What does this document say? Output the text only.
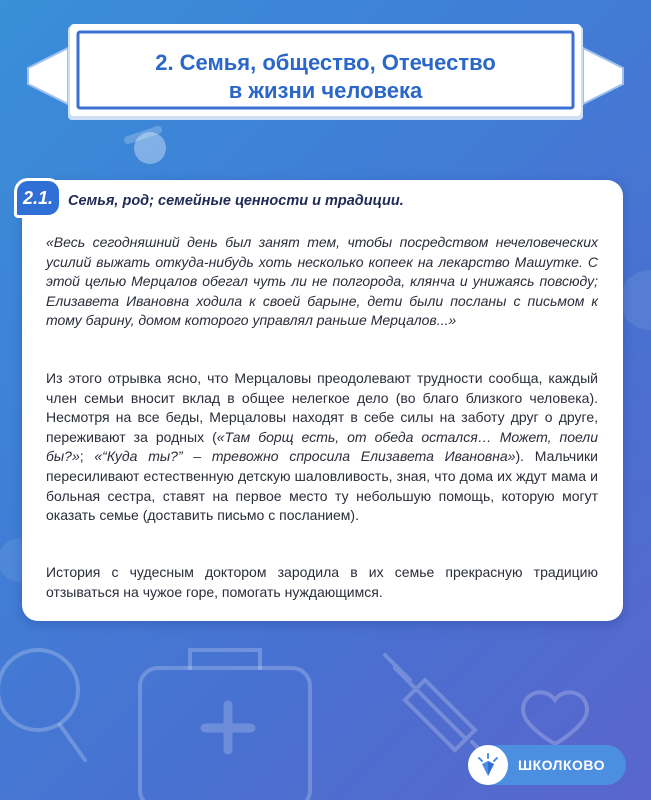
2. Семья, общество, Отечество
в жизни человека
2.1.	Семья, род; семейные ценности и традиции.
«Весь сегодняшний день был занят тем, чтобы посредством нечеловеческих усилий выжать откуда-нибудь хоть несколько копеек на лекарство Машутке. С этой целью Мерцалов обегал чуть ли не полгорода, клянча и унижаясь повсюду; Елизавета Ивановна ходила к своей барыне, дети были посланы с письмом к тому барину, домом которого управлял раньше Мерцалов...»
Из этого отрывка ясно, что Мерцаловы преодолевают трудности сообща, каждый член семьи вносит вклад в общее нелегкое дело (во благо близкого человека). Несмотря на все беды, Мерцаловы находят в себе силы на заботу друг о друге, переживают за родных («Там борщ есть, от обеда остался… Может, поели бы?»; «“Куда ты?” – тревожно спросила Елизавета Ивановна»). Мальчики пересиливают естественную детскую шаловливость, зная, что дома их ждут мама и больная сестра, ставят на первое место ту небольшую помощь, которую могут оказать семье (доставить письмо с посланием).
История с чудесным доктором зародила в их семье прекрасную традицию отзываться на чужое горе, помогать нуждающимся.
ШКОЛКОВО
